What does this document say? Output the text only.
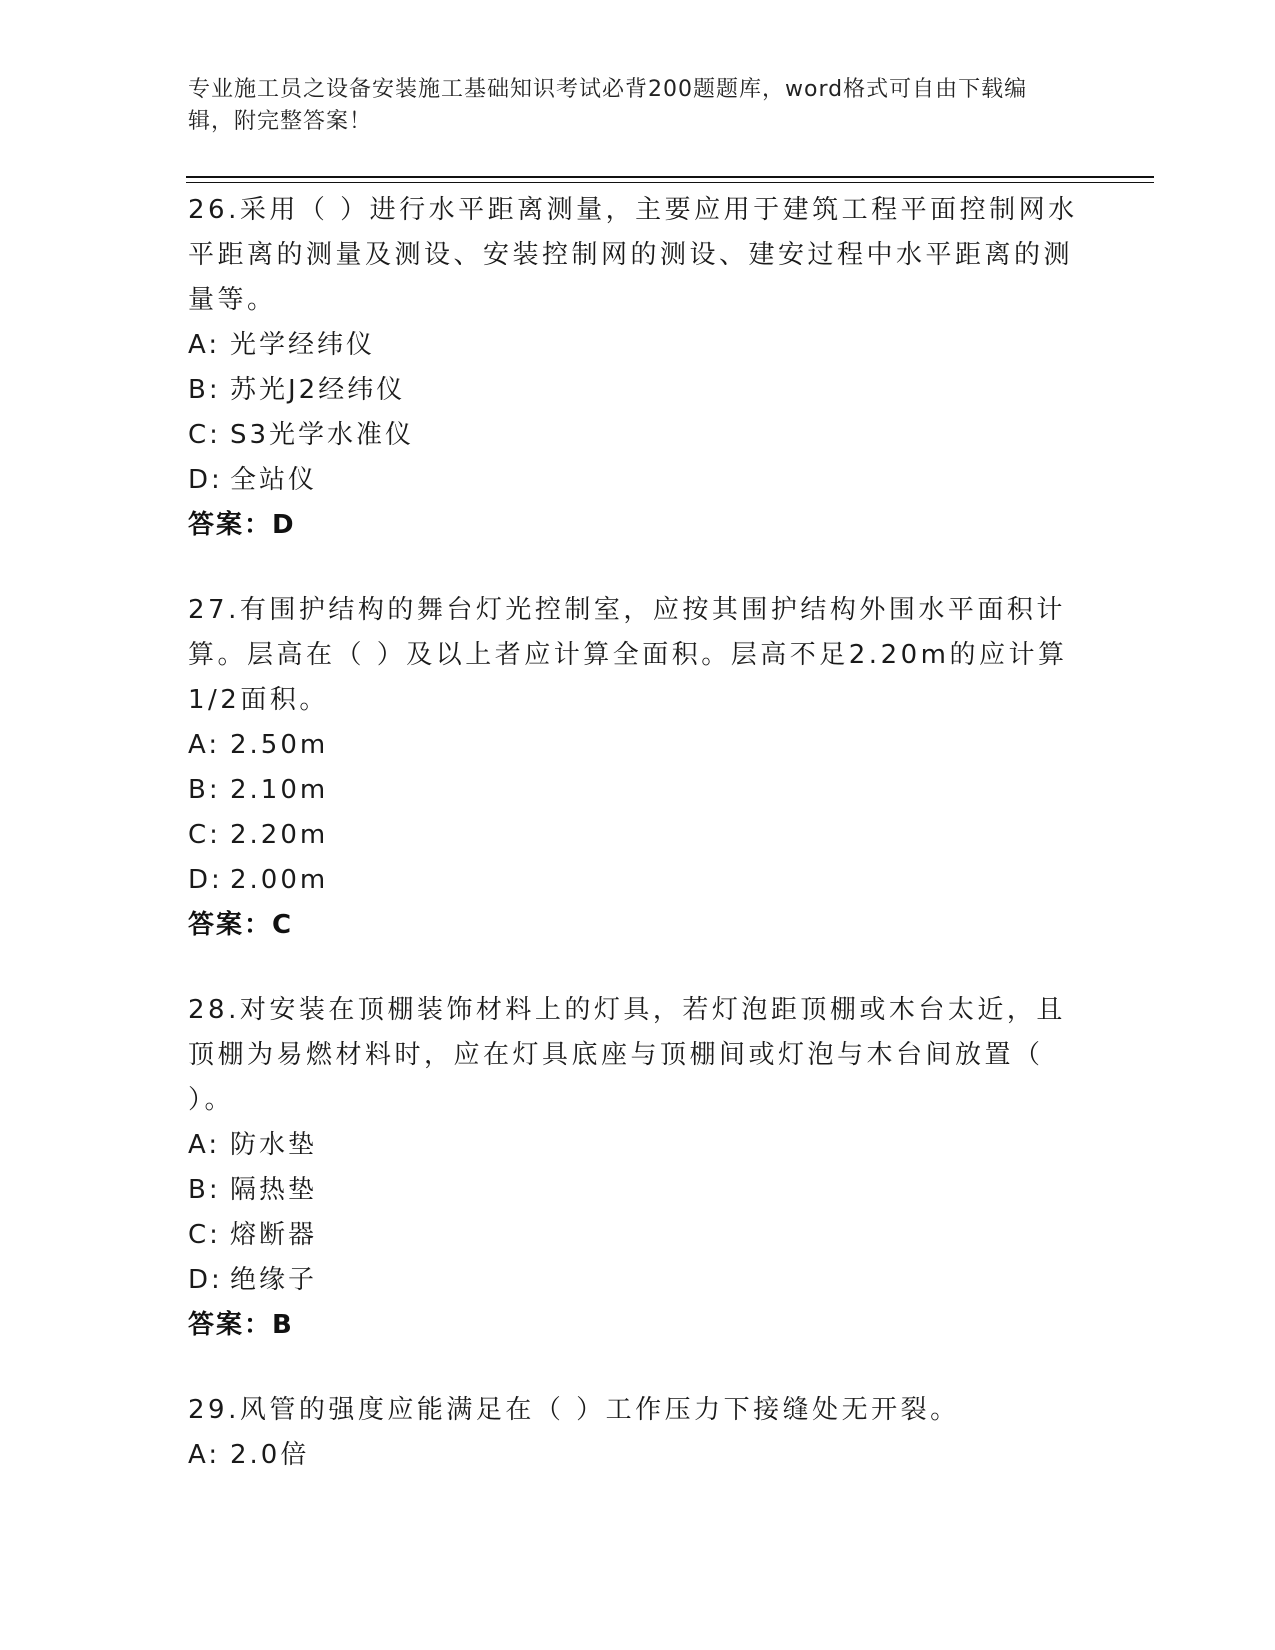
专业施工员之设备安装施工基础知识考试必背200题题库，word格式可自由下载编辑，附完整答案！

26.采用（ ）进行水平距离测量，主要应用于建筑工程平面控制网水平距离的测量及测设、安装控制网的测设、建安过程中水平距离的测量等。

A: 光学经纬仪

B: 苏光J2经纬仪

C: S3光学水准仪

D: 全站仪

答案：D

27.有围护结构的舞台灯光控制室，应按其围护结构外围水平面积计算。层高在（ ）及以上者应计算全面积。层高不足2.20m的应计算1/2面积。

A: 2.50m

B: 2.10m

C: 2.20m

D: 2.00m

答案：C

28.对安装在顶棚装饰材料上的灯具，若灯泡距顶棚或木台太近，且顶棚为易燃材料时，应在灯具底座与顶棚间或灯泡与木台间放置（ ）。

A: 防水垫

B: 隔热垫

C: 熔断器

D: 绝缘子

答案：B

29.风管的强度应能满足在（ ）工作压力下接缝处无开裂。

A: 2.0倍
